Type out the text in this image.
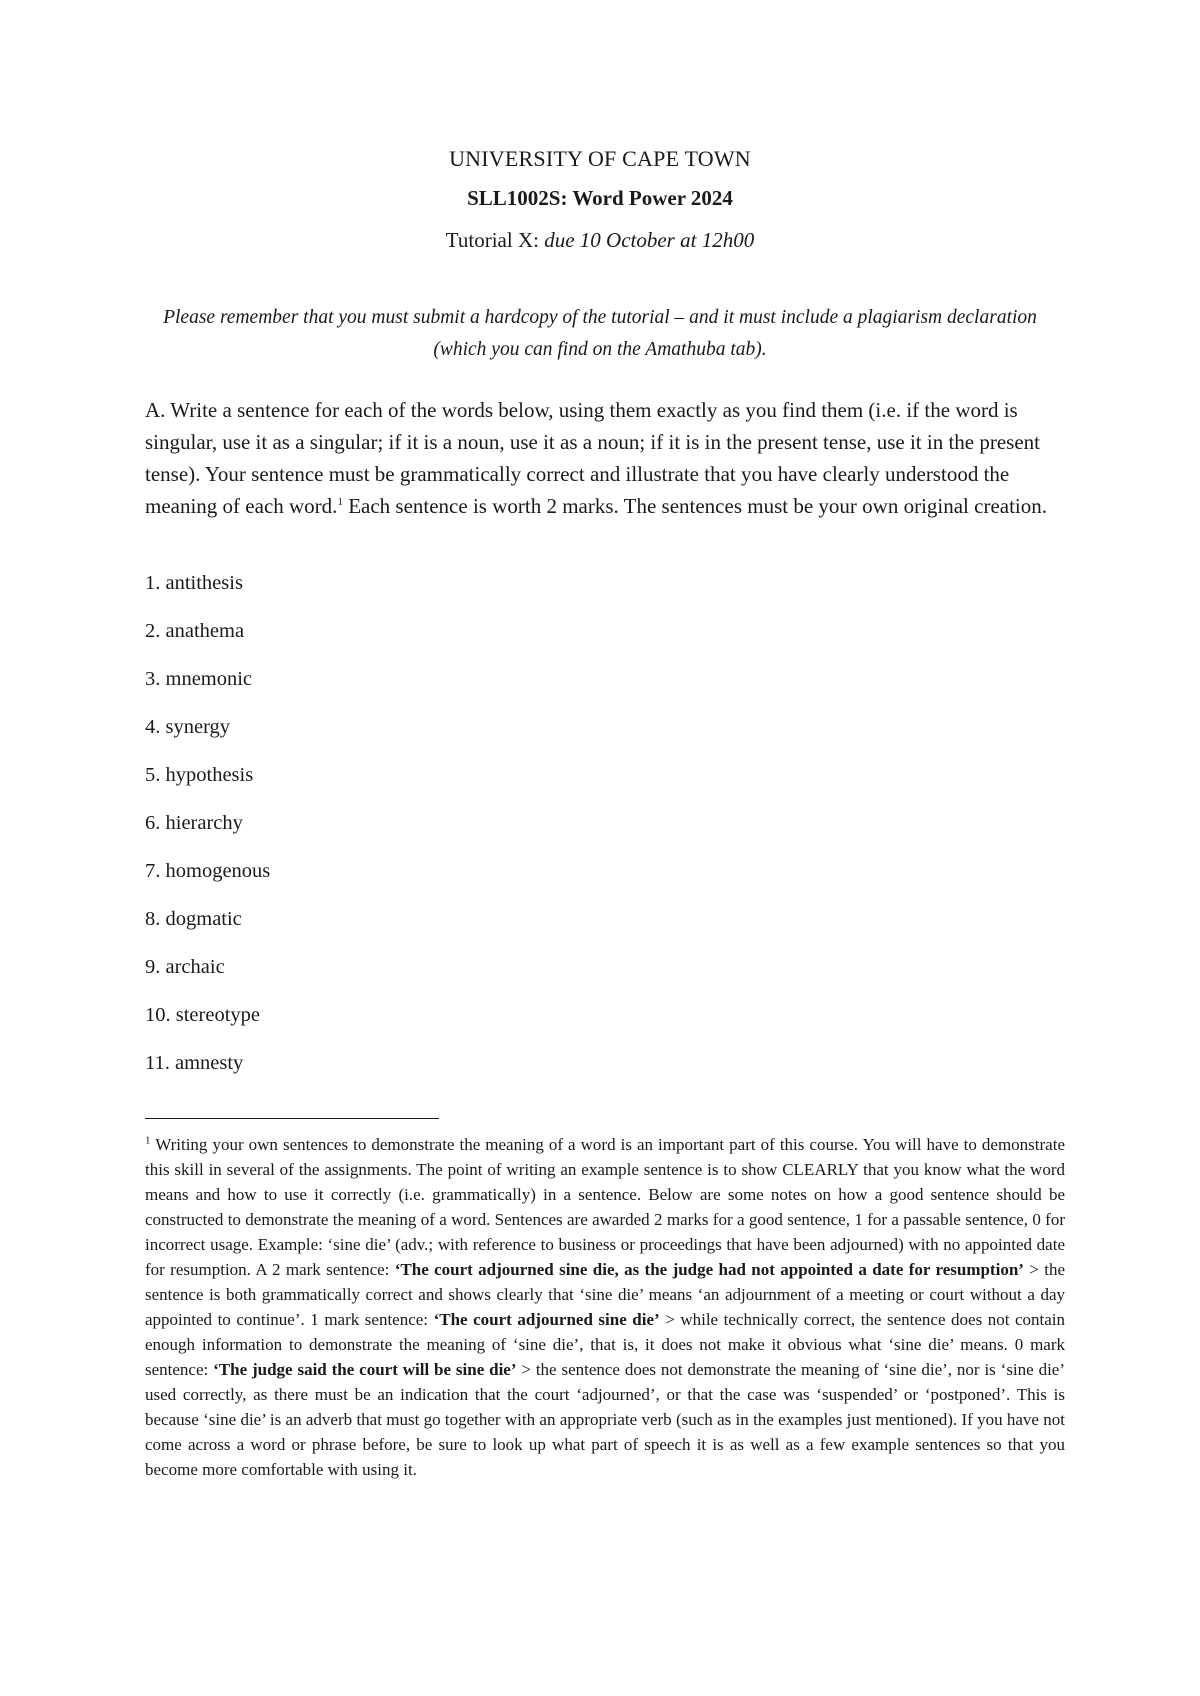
UNIVERSITY OF CAPE TOWN
SLL1002S: Word Power 2024
Tutorial X: due 10 October at 12h00
Please remember that you must submit a hardcopy of the tutorial – and it must include a plagiarism declaration
(which you can find on the Amathuba tab).
A. Write a sentence for each of the words below, using them exactly as you find them (i.e. if the word is singular, use it as a singular; if it is a noun, use it as a noun; if it is in the present tense, use it in the present tense). Your sentence must be grammatically correct and illustrate that you have clearly understood the meaning of each word.$^1$ Each sentence is worth 2 marks. The sentences must be your own original creation.
1. antithesis
2. anathema
3. mnemonic
4. synergy
5. hypothesis
6. hierarchy
7. homogenous
8. dogmatic
9. archaic
10. stereotype
11. amnesty
$^1$ Writing your own sentences to demonstrate the meaning of a word is an important part of this course. You will have to demonstrate this skill in several of the assignments. The point of writing an example sentence is to show CLEARLY that you know what the word means and how to use it correctly (i.e. grammatically) in a sentence. Below are some notes on how a good sentence should be constructed to demonstrate the meaning of a word. Sentences are awarded 2 marks for a good sentence, 1 for a passable sentence, 0 for incorrect usage. Example: ‘sine die’ (adv.; with reference to business or proceedings that have been adjourned) with no appointed date for resumption. A 2 mark sentence: ‘The court adjourned sine die, as the judge had not appointed a date for resumption’ > the sentence is both grammatically correct and shows clearly that ‘sine die’ means ‘an adjournment of a meeting or court without a day appointed to continue’. 1 mark sentence: ‘The court adjourned sine die’ > while technically correct, the sentence does not contain enough information to demonstrate the meaning of ‘sine die’, that is, it does not make it obvious what ‘sine die’ means. 0 mark sentence: ‘The judge said the court will be sine die’ > the sentence does not demonstrate the meaning of ‘sine die’, nor is ‘sine die’ used correctly, as there must be an indication that the court ‘adjourned’, or that the case was ‘suspended’ or ‘postponed’. This is because ‘sine die’ is an adverb that must go together with an appropriate verb (such as in the examples just mentioned). If you have not come across a word or phrase before, be sure to look up what part of speech it is as well as a few example sentences so that you become more comfortable with using it.
